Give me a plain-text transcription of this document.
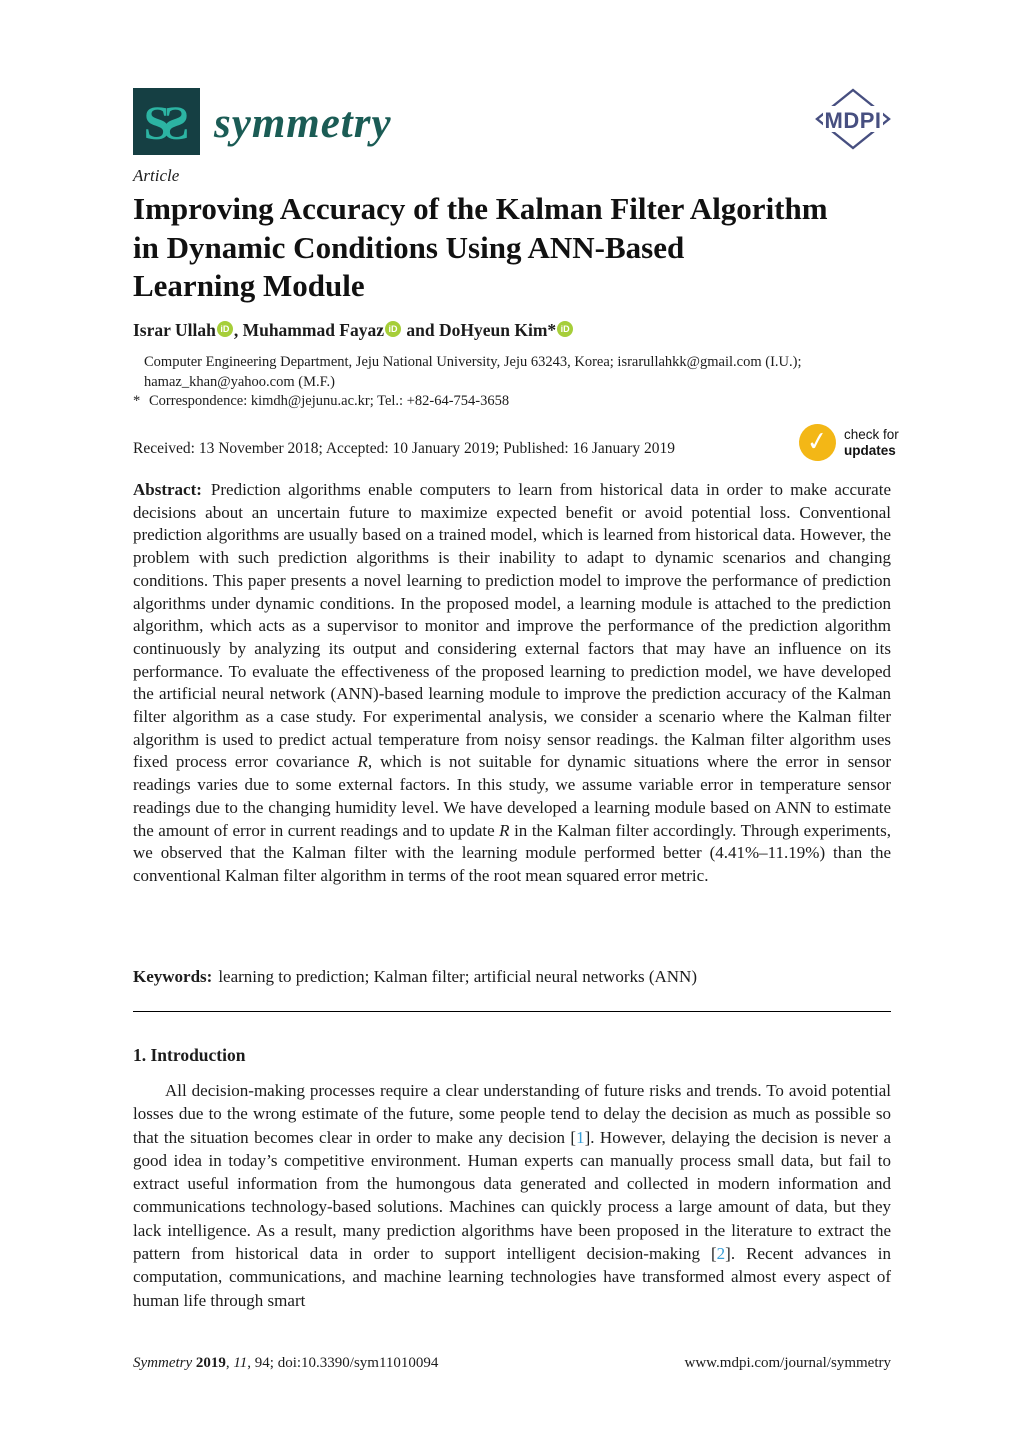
S
S symmetry	MDPI
Article
Improving Accuracy of the Kalman Filter Algorithm
in Dynamic Conditions Using ANN-Based
Learning Module
Israr Ullah iD , Muhammad Fayaz iD and DoHyeun Kim* iD
Computer Engineering Department, Jeju National University, Jeju 63243, Korea; israrullahkk@gmail.com (I.U.);
hamaz_khan@yahoo.com (M.F.)
* Correspondence: kimdh@jejunu.ac.kr; Tel.: +82-64-754-3658
Received: 13 November 2018; Accepted: 10 January 2019; Published: 16 January 2019	✓	check for
updates

Abstract: Prediction algorithms enable computers to learn from historical data in order to make accurate decisions about an uncertain future to maximize expected benefit or avoid potential loss. Conventional prediction algorithms are usually based on a trained model, which is learned from historical data. However, the problem with such prediction algorithms is their inability to adapt to dynamic scenarios and changing conditions. This paper presents a novel learning to prediction model to improve the performance of prediction algorithms under dynamic conditions. In the proposed model, a learning module is attached to the prediction algorithm, which acts as a supervisor to monitor and improve the performance of the prediction algorithm continuously by analyzing its output and considering external factors that may have an influence on its performance. To evaluate the effectiveness of the proposed learning to prediction model, we have developed the artificial neural network (ANN)-based learning module to improve the prediction accuracy of the Kalman filter algorithm as a case study. For experimental analysis, we consider a scenario where the Kalman filter algorithm is used to predict actual temperature from noisy sensor readings. the Kalman filter algorithm uses fixed process error covariance R, which is not suitable for dynamic situations where the error in sensor readings varies due to some external factors. In this study, we assume variable error in temperature sensor readings due to the changing humidity level. We have developed a learning module based on ANN to estimate the amount of error in current readings and to update R in the Kalman filter accordingly. Through experiments, we observed that the Kalman filter with the learning module performed better (4.41%–11.19%) than the conventional Kalman filter algorithm in terms of the root mean squared error metric.

Keywords: learning to prediction; Kalman filter; artificial neural networks (ANN)

1. Introduction

All decision-making processes require a clear understanding of future risks and trends. To avoid potential losses due to the wrong estimate of the future, some people tend to delay the decision as much as possible so that the situation becomes clear in order to make any decision [1]. However, delaying the decision is never a good idea in today’s competitive environment. Human experts can manually process small data, but fail to extract useful information from the humongous data generated and collected in modern information and communications technology-based solutions. Machines can quickly process a large amount of data, but they lack intelligence. As a result, many prediction algorithms have been proposed in the literature to extract the pattern from historical data in order to support intelligent decision-making [2]. Recent advances in computation, communications, and machine learning technologies have transformed almost every aspect of human life through smart

Symmetry 2019, 11, 94; doi:10.3390/sym11010094	www.mdpi.com/journal/symmetry
